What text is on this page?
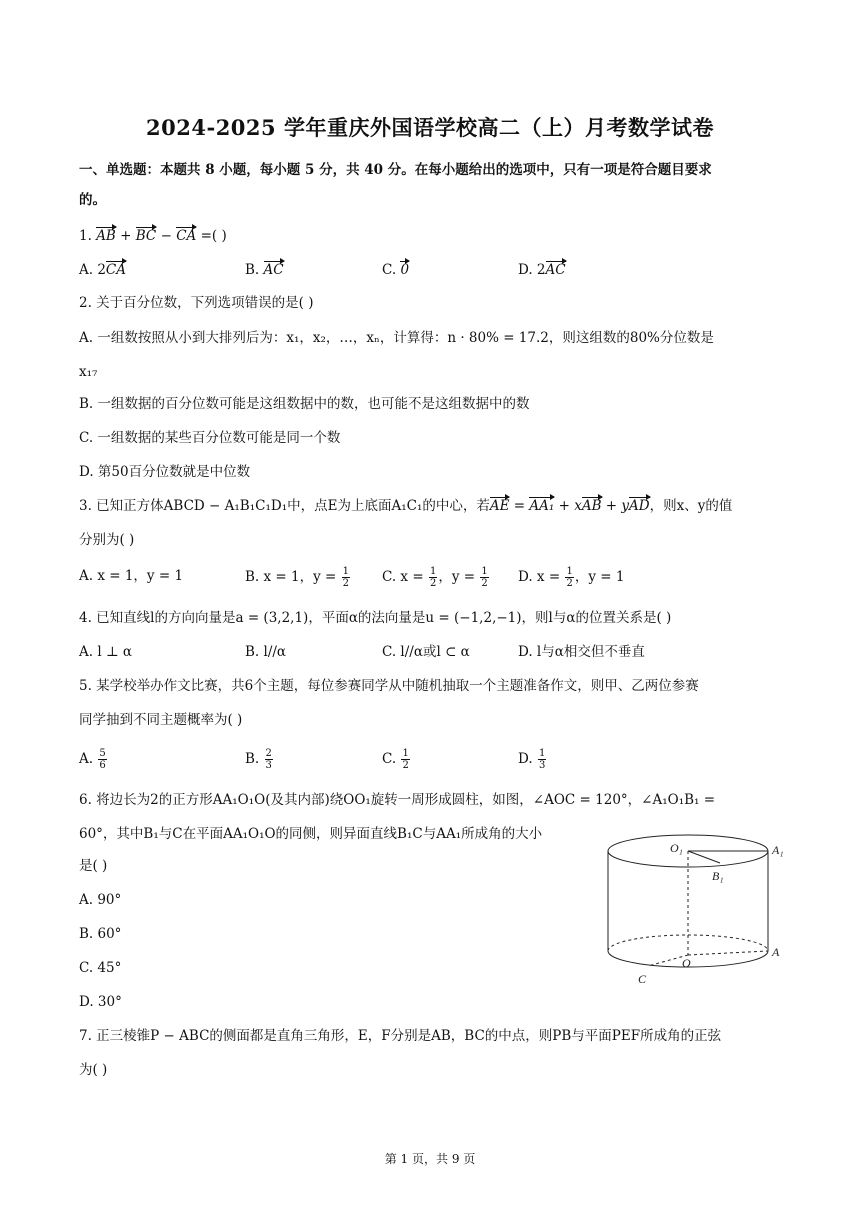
2024-2025 学年重庆外国语学校高二（上）月考数学试卷
一、单选题：本题共 8 小题，每小题 5 分，共 40 分。在每小题给出的选项中，只有一项是符合题目要求
的。
1. AB + BC − CA =( )
A. 2CA	B. AC	C. 0	D. 2AC
2. 关于百分位数，下列选项错误的是( )
A. 一组数按照从小到大排列后为：x₁，x₂，…，xₙ，计算得：n · 80% = 17.2，则这组数的80%分位数是
x₁₇
B. 一组数据的百分位数可能是这组数据中的数，也可能不是这组数据中的数
C. 一组数据的某些百分位数可能是同一个数
D. 第50百分位数就是中位数
3. 已知正方体ABCD − A₁B₁C₁D₁中，点E为上底面A₁C₁的中心，若AE = AA₁ + xAB + yAD，则x、y的值
分别为( )
A. x = 1，y = 1	B. x = 1，$y = \frac{1}{2} C$. $x = \frac{1}{2}$ ，$y = \frac{1}{2} D$. $x = \frac{1}{2}$ ，y = 1
4. 已知直线l的方向向量是a = (3,2,1)，平面α的法向量是u = (−1,2,−1)，则l与α的位置关系是( )
A. l ⊥ α	B. l//α	C. l//α或l ⊂ α	D. l与α相交但不垂直
5. 某学校举办作文比赛，共6个主题，每位参赛同学从中随机抽取一个主题准备作文，则甲、乙两位参赛
同学抽到不同主题概率为( )
A. $\frac{5}{6}$	B. $\frac{2}{3}$	C. $\frac{1}{2}$	D. $\frac{1}{3}$
6. 将边长为2的正方形AA₁O₁O(及其内部)绕OO₁旋转一周形成圆柱，如图，∠AOC = 120°，∠A₁O₁B₁ =
60°，其中B₁与C在平面AA₁O₁O的同侧，则异面直线B₁C与AA₁所成角的大小
是( )
A. 90°
B. 60°
C. 45°
D. 30°
O₁	A₁
B₁
O
A
C
7. 正三棱锥P − ABC的侧面都是直角三角形，E，F分别是AB，BC的中点，则PB与平面PEF所成角的正弦
为( )
第 1 页，共 9 页
